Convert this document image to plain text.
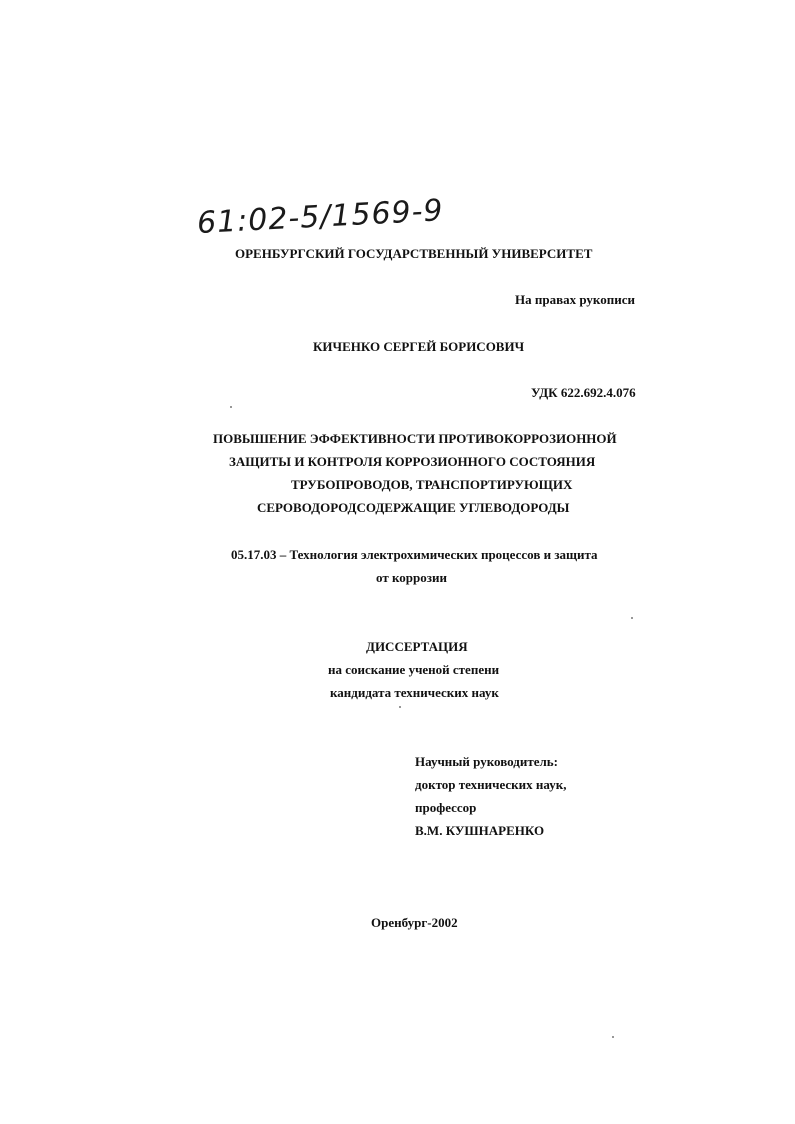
61:02-5/1569-9
ОРЕНБУРГСКИЙ ГОСУДАРСТВЕННЫЙ УНИВЕРСИТЕТ
На правах рукописи
КИЧЕНКО СЕРГЕЙ БОРИСОВИЧ
УДК 622.692.4.076
ПОВЫШЕНИЕ ЭФФЕКТИВНОСТИ ПРОТИВОКОРРОЗИОННОЙ
ЗАЩИТЫ И КОНТРОЛЯ КОРРОЗИОННОГО СОСТОЯНИЯ
ТРУБОПРОВОДОВ, ТРАНСПОРТИРУЮЩИХ
СЕРОВОДОРОДСОДЕРЖАЩИЕ УГЛЕВОДОРОДЫ
05.17.03 – Технология электрохимических процессов и защита
от коррозии
ДИССЕРТАЦИЯ
на соискание ученой степени
кандидата технических наук
Научный руководитель:
доктор технических наук,
профессор
В.М. КУШНАРЕНКО
Оренбург-2002
